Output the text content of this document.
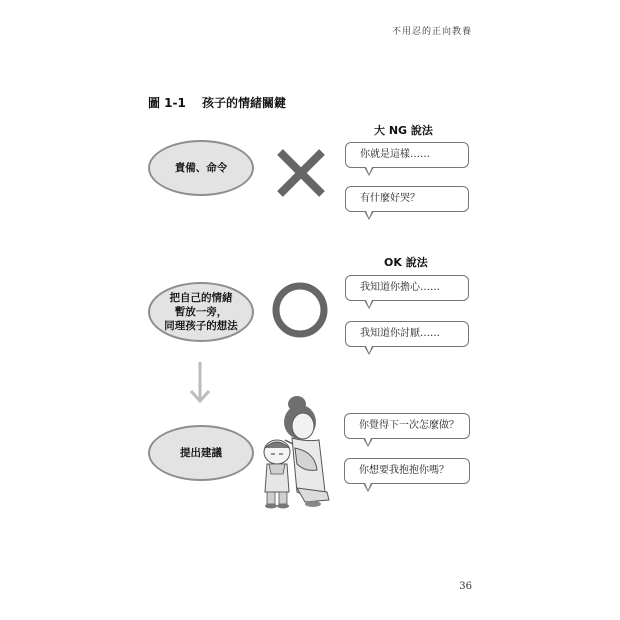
不用忍的正向教養
圖 1-1 孩子的情緒關鍵
責備、命令
大 NG 說法
你就是這樣……
有什麼好哭？
OK 說法
把自己的情緒
暫放一旁，
同理孩子的想法
我知道你擔心……
我知道你討厭……
提出建議
你覺得下一次怎麼做？
你想要我抱抱你嗎？
36
